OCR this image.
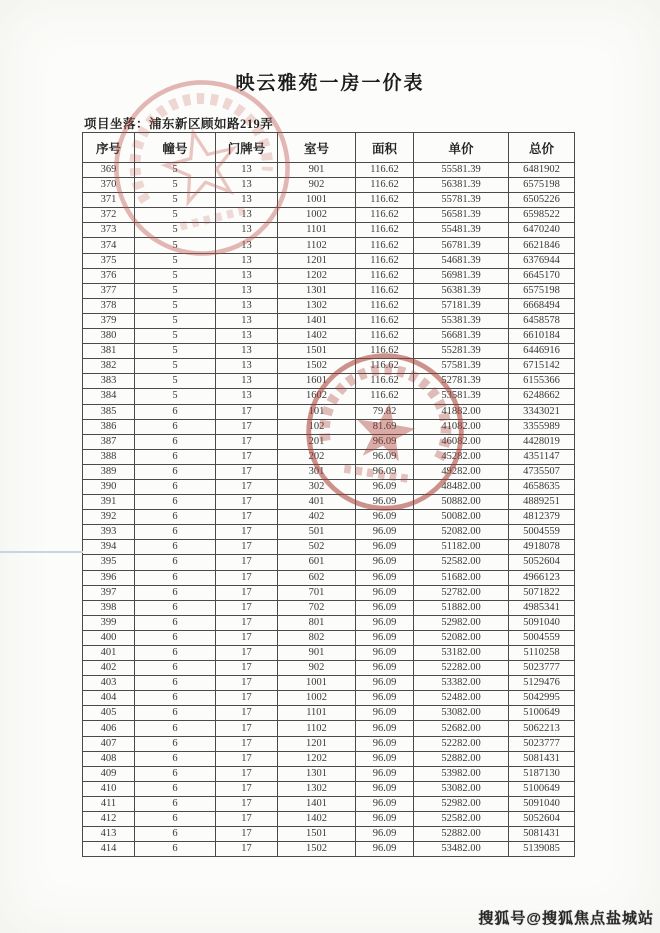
映云雅苑一房一价表
项目坐落：浦东新区顾如路219弄
序号	幢号	门牌号	室号	面积	单价	总价
369	5	13	901	116.62	55581.39	6481902
370	5	13	902	116.62	56381.39	6575198
371	5	13	1001	116.62	55781.39	6505226
372	5	13	1002	116.62	56581.39	6598522
373	5	13	1101	116.62	55481.39	6470240
374	5	13	1102	116.62	56781.39	6621846
375	5	13	1201	116.62	54681.39	6376944
376	5	13	1202	116.62	56981.39	6645170
377	5	13	1301	116.62	56381.39	6575198
378	5	13	1302	116.62	57181.39	6668494
379	5	13	1401	116.62	55381.39	6458578
380	5	13	1402	116.62	56681.39	6610184
381	5	13	1501	116.62	55281.39	6446916
382	5	13	1502	116.62	57581.39	6715142
383	5	13	1601	116.62	52781.39	6155366
384	5	13	1602	116.62	53581.39	6248662
385	6	17	101	79.82	41882.00	3343021
386	6	17	102	81.69	41082.00	3355989
387	6	17	201	96.09	46082.00	4428019
388	6	17	202	96.09	45282.00	4351147
389	6	17	301	96.09	49282.00	4735507
390	6	17	302	96.09	48482.00	4658635
391	6	17	401	96.09	50882.00	4889251
392	6	17	402	96.09	50082.00	4812379
393	6	17	501	96.09	52082.00	5004559
394	6	17	502	96.09	51182.00	4918078
395	6	17	601	96.09	52582.00	5052604
396	6	17	602	96.09	51682.00	4966123
397	6	17	701	96.09	52782.00	5071822
398	6	17	702	96.09	51882.00	4985341
399	6	17	801	96.09	52982.00	5091040
400	6	17	802	96.09	52082.00	5004559
401	6	17	901	96.09	53182.00	5110258
402	6	17	902	96.09	52282.00	5023777
403	6	17	1001	96.09	53382.00	5129476
404	6	17	1002	96.09	52482.00	5042995
405	6	17	1101	96.09	53082.00	5100649
406	6	17	1102	96.09	52682.00	5062213
407	6	17	1201	96.09	52282.00	5023777
408	6	17	1202	96.09	52882.00	5081431
409	6	17	1301	96.09	53982.00	5187130
410	6	17	1302	96.09	53082.00	5100649
411	6	17	1401	96.09	52982.00	5091040
412	6	17	1402	96.09	52582.00	5052604
413	6	17	1501	96.09	52882.00	5081431
414	6	17	1502	96.09	53482.00	5139085
搜狐号@搜狐焦点盐城站
